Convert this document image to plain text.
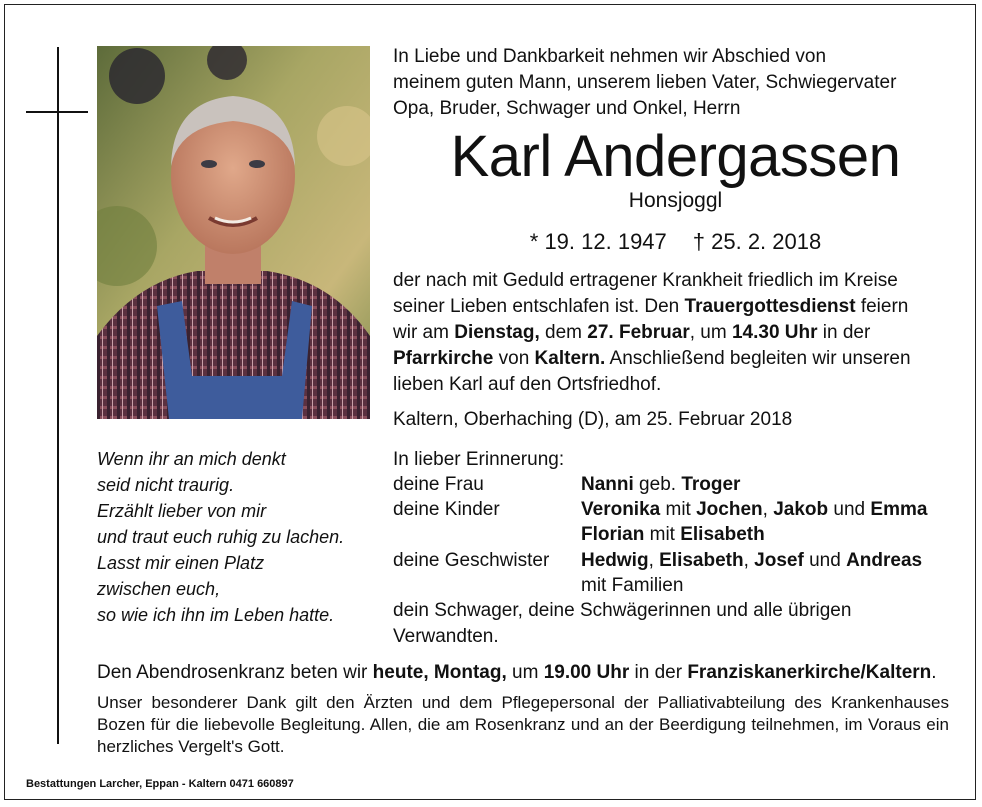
In Liebe und Dankbarkeit nehmen wir Abschied von
meinem guten Mann, unserem lieben Vater, Schwiegervater
Opa, Bruder, Schwager und Onkel, Herrn
Karl Andergassen
Honsjoggl
* 19. 12. 1947 † 25. 2. 2018
der nach mit Geduld ertragener Krankheit friedlich im Kreise
seiner Lieben entschlafen ist. Den Trauergottesdienst feiern
wir am Dienstag, dem 27. Februar, um 14.30 Uhr in der
Pfarrkirche von Kaltern. Anschließend begleiten wir unseren
lieben Karl auf den Ortsfriedhof.
Kaltern, Oberhaching (D), am 25. Februar 2018
In lieber Erinnerung:
deine Frau	Nanni geb. Troger
deine Kinder	Veronika mit Jochen, Jakob und Emma
Florian mit Elisabeth
deine Geschwister Hedwig, Elisabeth, Josef und Andreas
mit Familien
dein Schwager, deine Schwägerinnen und alle übrigen
Verwandten.
Wenn ihr an mich denkt
seid nicht traurig.
Erzählt lieber von mir
und traut euch ruhig zu lachen.
Lasst mir einen Platz
zwischen euch,
so wie ich ihn im Leben hatte.
Den Abendrosenkranz beten wir heute, Montag, um 19.00 Uhr in der Franziskanerkirche/Kaltern.
Unser besonderer Dank gilt den Ärzten und dem Pflegepersonal der Palliativabteilung des Krankenhauses Bozen für die liebevolle Begleitung. Allen, die am Rosenkranz und an der Beerdigung teilnehmen, im Voraus ein herzliches Vergelt's Gott.
Bestattungen Larcher, Eppan - Kaltern 0471 660897
